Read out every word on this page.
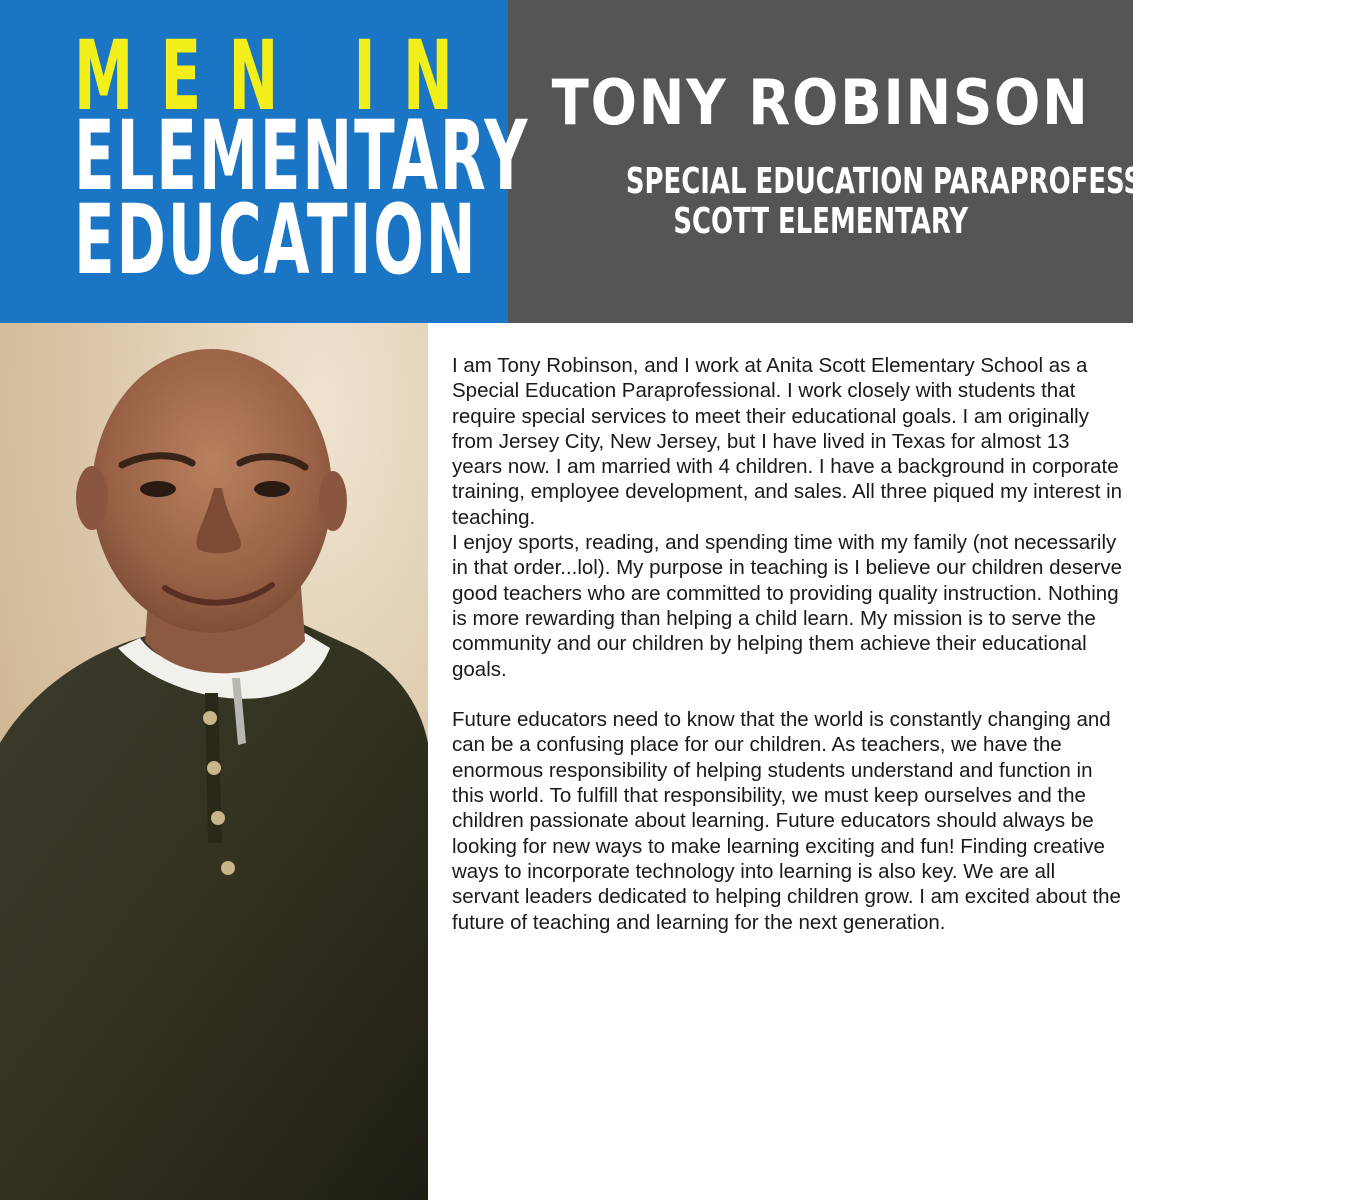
MEN IN
ELEMENTARY
EDUCATION
TONY ROBINSON
SPECIAL EDUCATION PARAPROFESSIONAL
SCOTT ELEMENTARY

I am Tony Robinson, and I work at Anita Scott Elementary School as a Special Education Paraprofessional. I work closely with students that require special services to meet their educational goals. I am originally from Jersey City, New Jersey, but I have lived in Texas for almost 13 years now. I am married with 4 children. I have a background in corporate training, employee development, and sales. All three piqued my interest in teaching.

I enjoy sports, reading, and spending time with my family (not necessarily in that order...lol). My purpose in teaching is I believe our children deserve good teachers who are committed to providing quality instruction. Nothing is more rewarding than helping a child learn. My mission is to serve the community and our children by helping them achieve their educational goals.

Future educators need to know that the world is constantly changing and can be a confusing place for our children. As teachers, we have the enormous responsibility of helping students understand and function in this world. To fulfill that responsibility, we must keep ourselves and the children passionate about learning. Future educators should always be looking for new ways to make learning exciting and fun! Finding creative ways to incorporate technology into learning is also key. We are all servant leaders dedicated to helping children grow. I am excited about the future of teaching and learning for the next generation.
